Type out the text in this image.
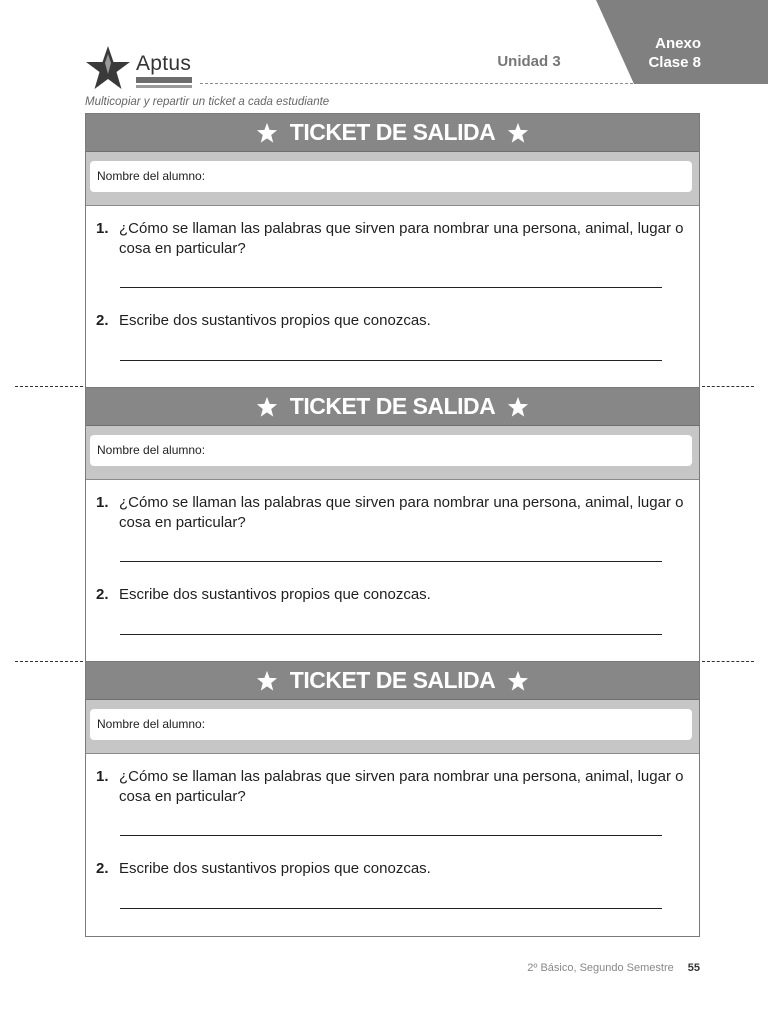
Aptus	Unidad 3
Anexo
Clase 8
Multicopiar y repartir un ticket a cada estudiante
TICKET DE SALIDA
Nombre del alumno:
1. ¿Cómo se llaman las palabras que sirven para nombrar una persona, animal, lugar o cosa en particular?
2. Escribe dos sustantivos propios que conozcas.
TICKET DE SALIDA
Nombre del alumno:
1. ¿Cómo se llaman las palabras que sirven para nombrar una persona, animal, lugar o cosa en particular?
2. Escribe dos sustantivos propios que conozcas.
TICKET DE SALIDA
Nombre del alumno:
1. ¿Cómo se llaman las palabras que sirven para nombrar una persona, animal, lugar o cosa en particular?
2. Escribe dos sustantivos propios que conozcas.
2º Básico, Segundo Semestre 55
